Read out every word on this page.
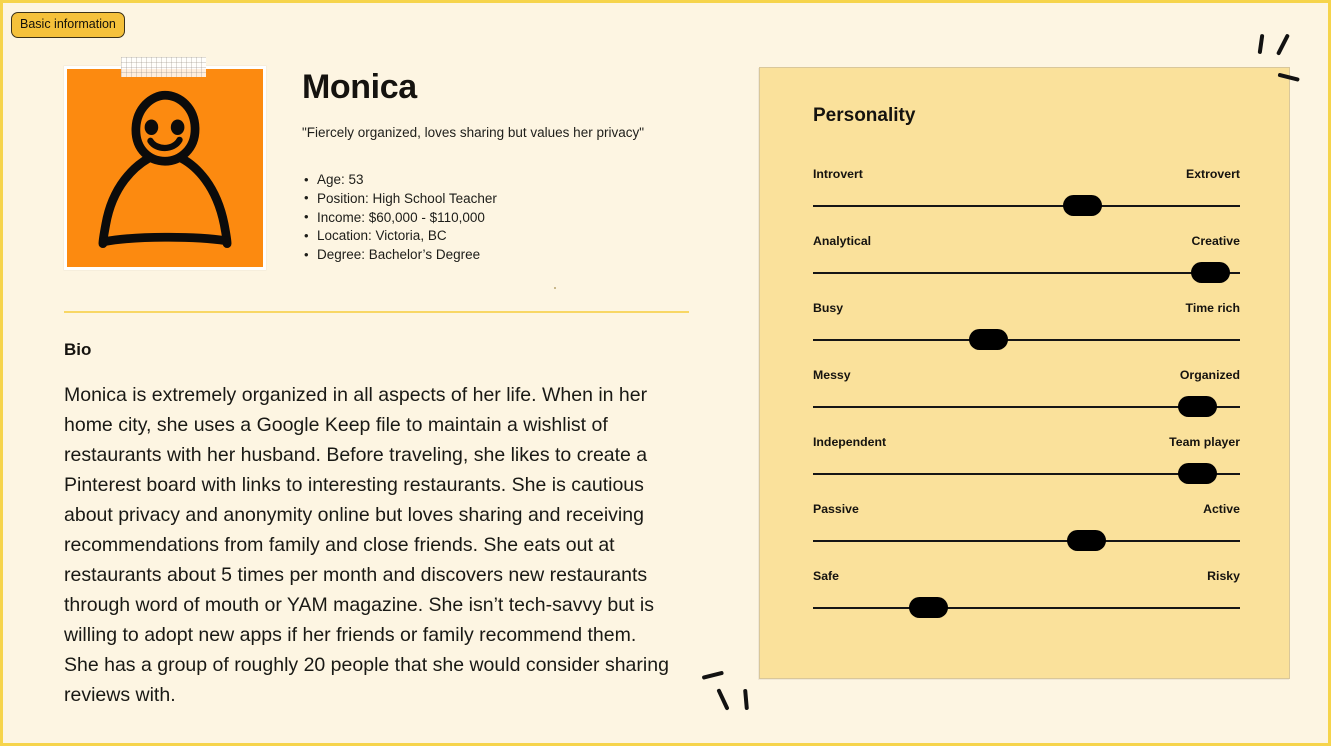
Basic information
Monica
"Fiercely organized, loves sharing but values her privacy"
• Age: 53
• Position: High School Teacher
• Income: $60,000 - $110,000
• Location: Victoria, BC
• Degree: Bachelor’s Degree
Bio
Monica is extremely organized in all aspects of her life. When in her home city, she uses a Google Keep file to maintain a wishlist of restaurants with her husband. Before traveling, she likes to create a Pinterest board with links to interesting restaurants. She is cautious about privacy and anonymity online but loves sharing and receiving recommendations from family and close friends. She eats out at restaurants about 5 times per month and discovers new restaurants through word of mouth or YAM magazine. She isn’t tech-savvy but is willing to adopt new apps if her friends or family recommend them. She has a group of roughly 20 people that she would consider sharing reviews with.
Personality
Introvert	Extrovert
Analytical	Creative
Busy	Time rich
Messy	Organized
Independent	Team player
Passive	Active
Safe	Risky
